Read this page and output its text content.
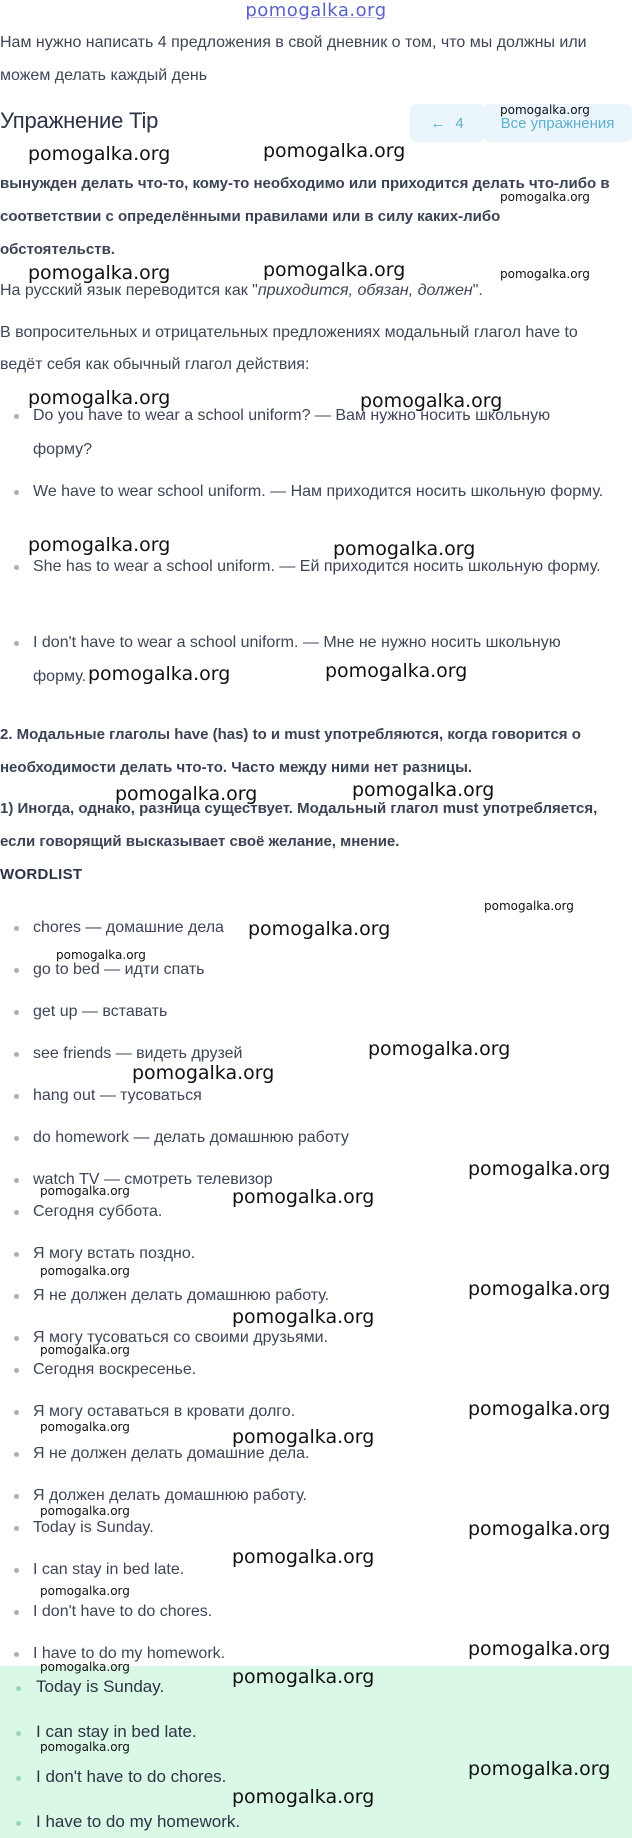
pomogalka.org
Нам нужно написать 4 предложения в свой дневник о том, что мы должны или можем делать каждый день
Упражнение Tip	← 4 Все упражнения
вынужден делать что-то, кому-то необходимо или приходится делать что-либо в соответствии с определёнными правилами или в силу каких-либо обстоятельств.
На русский язык переводится как "приходится, обязан, должен".
В вопросительных и отрицательных предложениях модальный глагол have to ведёт себя как обычный глагол действия:
Do you have to wear a school uniform? — Вам нужно носить школьную форму?
We have to wear school uniform. — Нам приходится носить школьную форму.
She has to wear a school uniform. — Ей приходится носить школьную форму.
I don't have to wear a school uniform. — Мне не нужно носить школьную форму.
2. Модальные глаголы have (has) to и must употребляются, когда говорится о необходимости делать что-то. Часто между ними нет разницы.
1) Иногда, однако, разница существует. Модальный глагол must употребляется, если говорящий высказывает своё желание, мнение.
WORDLIST
chores — домашние дела
go to bed — идти спать
get up — вставать
see friends — видеть друзей
hang out — тусоваться
do homework — делать домашнюю работу
watch TV — смотреть телевизор
Сегодня суббота.
Я могу встать поздно.
Я не должен делать домашнюю работу.
Я могу тусоваться со своими друзьями.
Сегодня воскресенье.
Я могу оставаться в кровати долго.
Я не должен делать домашние дела.
Я должен делать домашнюю работу.
Today is Sunday.
I can stay in bed late.
I don't have to do chores.
I have to do my homework.
Today is Sunday.
I can stay in bed late.
I don't have to do chores.
I have to do my homework.
pomogalka.org
pomogalka.org
pomogalka.org	pomogalka.org
pomogalka.org	pomogalka.org	pomogalka.org
pomogalka.org	pomogalka.org
pomogalka.org	pomogalka.org
pomogalka.org	pomogalka.org
pomogalka.org	pomogalka.org
pomogalka.org
pomogalka.org
pomogalka.org
pomogalka.org
pomogalka.org
pomogalka.org
pomogalka.org	pomogalka.org
pomogalka.org
pomogalka.org
pomogalka.org
pomogalka.org
pomogalka.org
pomogalka.org	pomogalka.org
pomogalka.org
pomogalka.org
pomogalka.org
pomogalka.org
pomogalka.org
pomogalka.org	pomogalka.org
pomogalka.org
pomogalka.org
pomogalka.org
